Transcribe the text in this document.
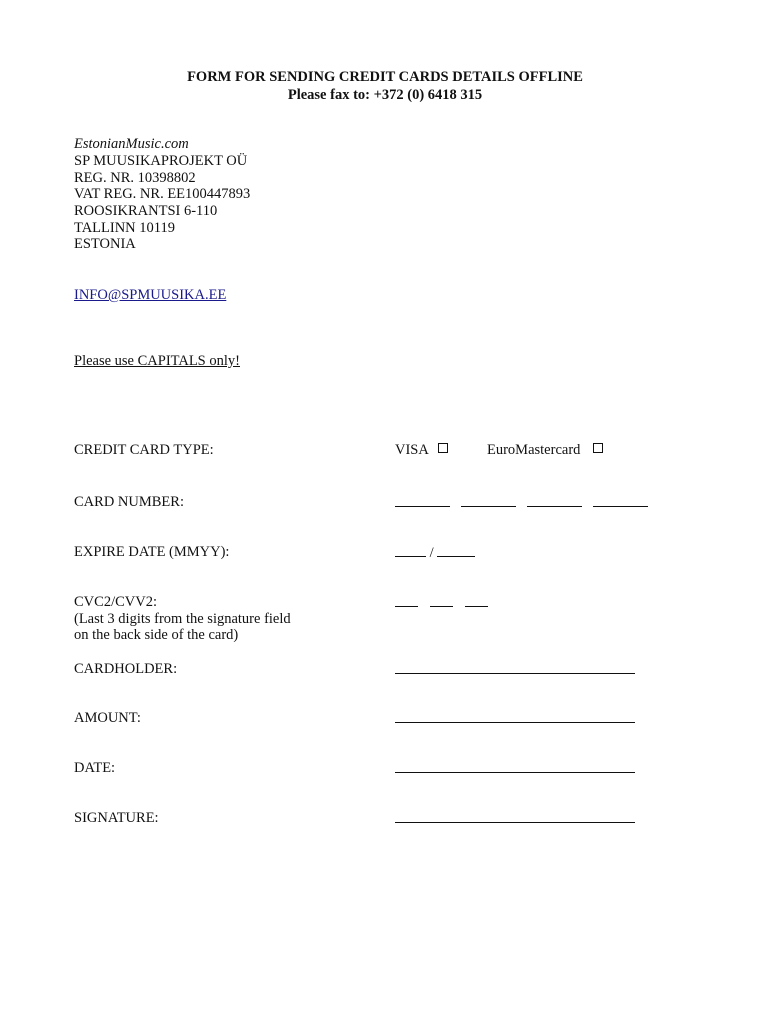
FORM FOR SENDING CREDIT CARDS DETAILS OFFLINE
Please fax to: +372 (0) 6418 315
EstonianMusic.com
SP MUUSIKAPROJEKT OÜ
REG. NR. 10398802
VAT REG. NR. EE100447893
ROOSIKRANTSI 6-110
TALLINN 10119
ESTONIA
INFO@SPMUUSIKA.EE
Please use CAPITALS only!
CREDIT CARD TYPE:	VISA	EuroMastercard
CARD NUMBER:
EXPIRE DATE (MMYY):	/
CVC2/CVV2:
(Last 3 digits from the signature field
on the back side of the card)
CARDHOLDER:
AMOUNT:
DATE:
SIGNATURE:
